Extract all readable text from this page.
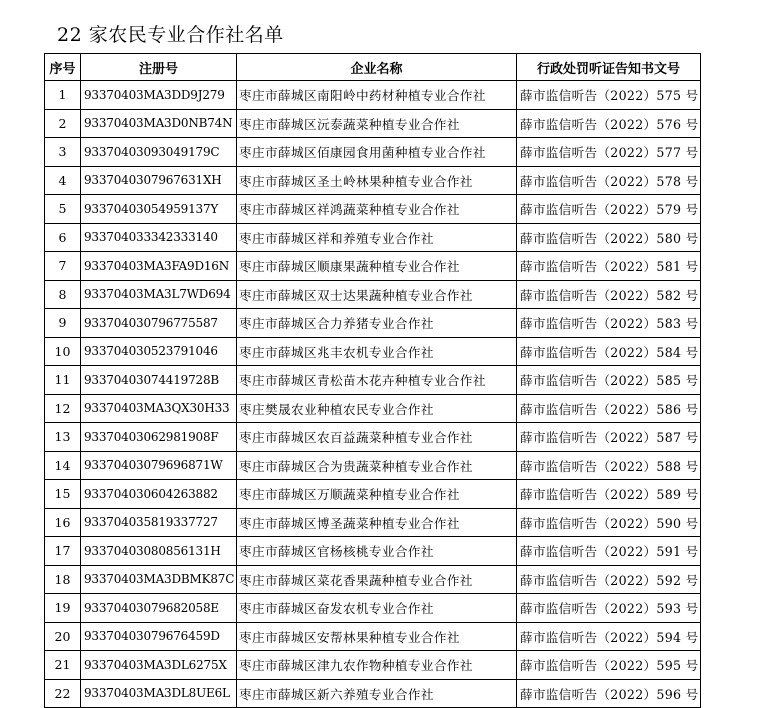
22 家农民专业合作社名单
序号	注册号	企业名称	行政处罚听证告知书文号
1	93370403MA3DD9J279	枣庄市薛城区南阳岭中药材种植专业合作社	薛市监信听告（2022）575 号
2	93370403MA3D0NB74N	枣庄市薛城区沅泰蔬菜种植专业合作社	薛市监信听告（2022）576 号
3	93370403093049179C	枣庄市薛城区佰康园食用菌种植专业合作社	薛市监信听告（2022）577 号
4	9337040307967631XH	枣庄市薛城区圣土岭林果种植专业合作社	薛市监信听告（2022）578 号
5	93370403054959137Y	枣庄市薛城区祥鸿蔬菜种植专业合作社	薛市监信听告（2022）579 号
6	933704033342333140	枣庄市薛城区祥和养殖专业合作社	薛市监信听告（2022）580 号
7	93370403MA3FA9D16N	枣庄市薛城区顺康果蔬种植专业合作社	薛市监信听告（2022）581 号
8	93370403MA3L7WD694	枣庄市薛城区双士达果蔬种植专业合作社	薛市监信听告（2022）582 号
9	933704030796775587	枣庄市薛城区合力养猪专业合作社	薛市监信听告（2022）583 号
10	933704030523791046	枣庄市薛城区兆丰农机专业合作社	薛市监信听告（2022）584 号
11	93370403074419728B	枣庄市薛城区青松苗木花卉种植专业合作社	薛市监信听告（2022）585 号
12	93370403MA3QX30H33	枣庄樊晟农业种植农民专业合作社	薛市监信听告（2022）586 号
13	93370403062981908F	枣庄市薛城区农百益蔬菜种植专业合作社	薛市监信听告（2022）587 号
14	93370403079696871W	枣庄市薛城区合为贵蔬菜种植专业合作社	薛市监信听告（2022）588 号
15	933704030604263882	枣庄市薛城区万顺蔬菜种植专业合作社	薛市监信听告（2022）589 号
16	933704035819337727	枣庄市薛城区博圣蔬菜种植专业合作社	薛市监信听告（2022）590 号
17	93370403080856131H	枣庄市薛城区官杨核桃专业合作社	薛市监信听告（2022）591 号
18	93370403MA3DBMK87C	枣庄市薛城区菜花香果蔬种植专业合作社	薛市监信听告（2022）592 号
19	93370403079682058E	枣庄市薛城区奋发农机专业合作社	薛市监信听告（2022）593 号
20	93370403079676459D	枣庄市薛城区安帮林果种植专业合作社	薛市监信听告（2022）594 号
21	93370403MA3DL6275X	枣庄市薛城区津九农作物种植专业合作社	薛市监信听告（2022）595 号
22	93370403MA3DL8UE6L	枣庄市薛城区新六养殖专业合作社	薛市监信听告（2022）596 号
